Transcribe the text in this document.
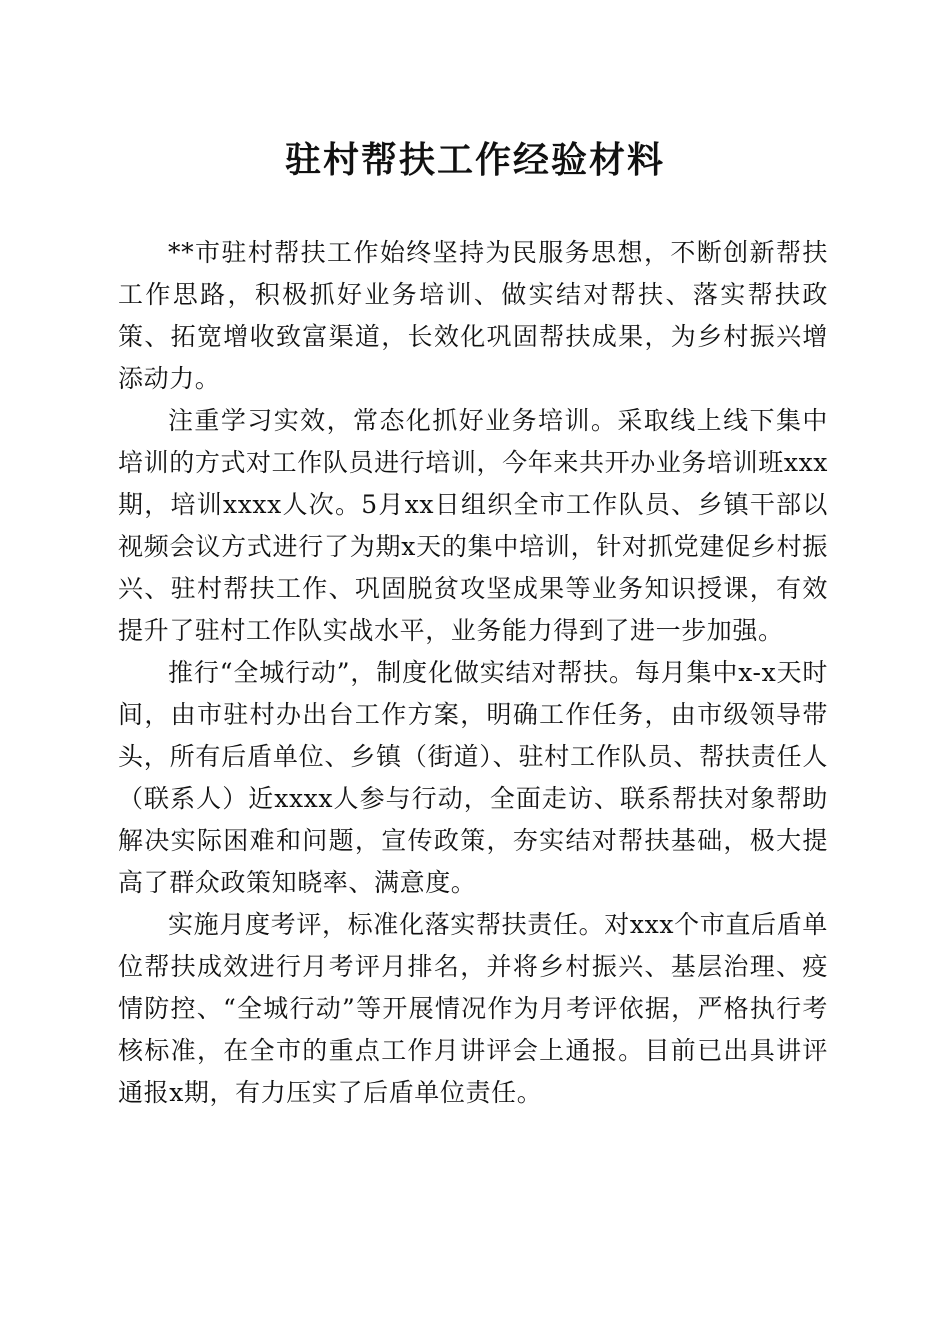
驻村帮扶工作经验材料

**市驻村帮扶工作始终坚持为民服务思想，不断创新帮扶工作思路，积极抓好业务培训、做实结对帮扶、落实帮扶政策、拓宽增收致富渠道，长效化巩固帮扶成果，为乡村振兴增添动力。

注重学习实效，常态化抓好业务培训。采取线上线下集中培训的方式对工作队员进行培训，今年来共开办业务培训班xxx期，培训xxxx人次。5月xx日组织全市工作队员、乡镇干部以视频会议方式进行了为期x天的集中培训，针对抓党建促乡村振兴、驻村帮扶工作、巩固脱贫攻坚成果等业务知识授课，有效提升了驻村工作队实战水平，业务能力得到了进一步加强。

推行“全城行动”，制度化做实结对帮扶。每月集中x-x天时间，由市驻村办出台工作方案，明确工作任务，由市级领导带头，所有后盾单位、乡镇（街道）、驻村工作队员、帮扶责任人（联系人）近xxxx人参与行动，全面走访、联系帮扶对象帮助解决实际困难和问题，宣传政策，夯实结对帮扶基础，极大提高了群众政策知晓率、满意度。

实施月度考评，标准化落实帮扶责任。对xxx个市直后盾单位帮扶成效进行月考评月排名，并将乡村振兴、基层治理、疫情防控、“全城行动”等开展情况作为月考评依据，严格执行考核标准，在全市的重点工作月讲评会上通报。目前已出具讲评通报x期，有力压实了后盾单位责任。
